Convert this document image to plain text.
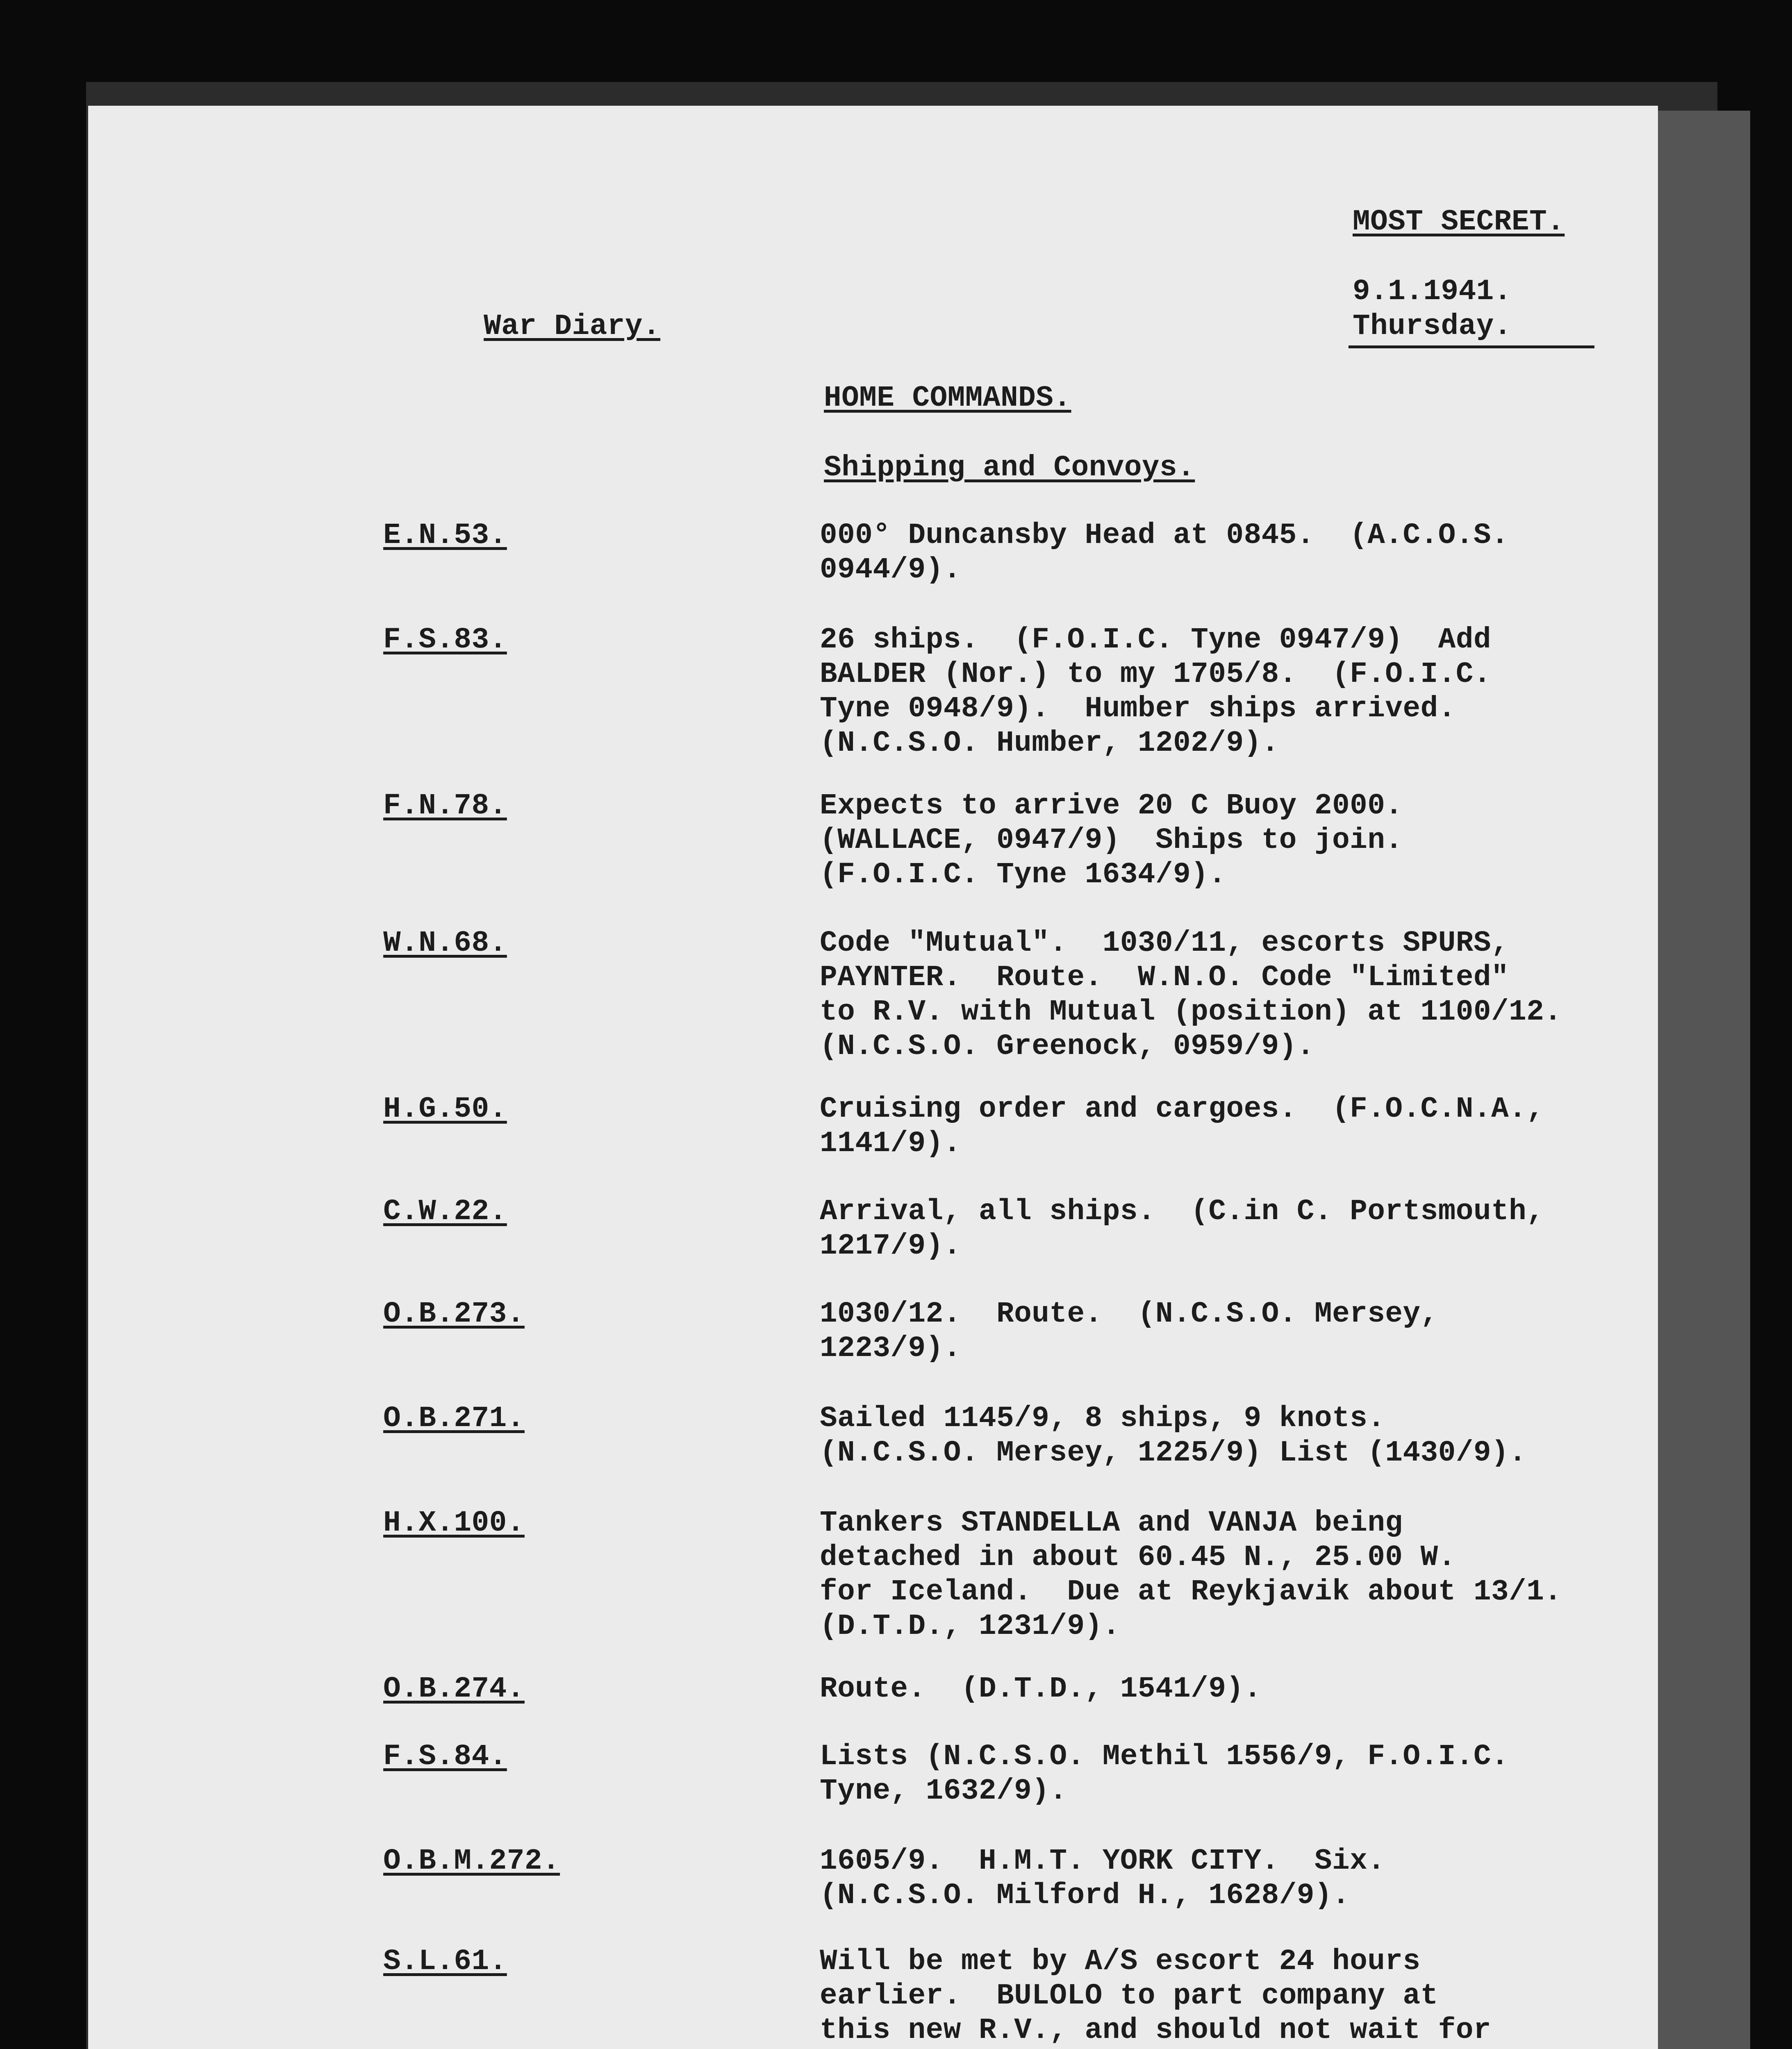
MOST SECRET.

9.1.1941.

Thursday.

War Diary.

HOME COMMANDS.

Shipping and Convoys.

E.N.53.

F.S.83.

F.N.78.

W.N.68.

H.G.50.

C.W.22.

O.B.273.

O.B.271.

H.X.100.

O.B.274.

F.S.84.

O.B.M.272.

S.L.61.

000° Duncansby Head at 0845.  (A.C.O.S.

0944/9).

26 ships.  (F.O.I.C. Tyne 0947/9)  Add

BALDER (Nor.) to my 1705/8.  (F.O.I.C.

Tyne 0948/9).  Humber ships arrived.

(N.C.S.O. Humber, 1202/9).

Expects to arrive 20 C Buoy 2000.

(WALLACE, 0947/9)  Ships to join.

(F.O.I.C. Tyne 1634/9).

Code "Mutual".  1030/11, escorts SPURS,

PAYNTER.  Route.  W.N.O. Code "Limited"

to R.V. with Mutual (position) at 1100/12.

(N.C.S.O. Greenock, 0959/9).

Cruising order and cargoes.  (F.O.C.N.A.,

1141/9).

Arrival, all ships.  (C.in C. Portsmouth,

1217/9).

1030/12.  Route.  (N.C.S.O. Mersey,

1223/9).

Sailed 1145/9, 8 ships, 9 knots.

(N.C.S.O. Mersey, 1225/9) List (1430/9).

Tankers STANDELLA and VANJA being

detached in about 60.45 N., 25.00 W.

for Iceland.  Due at Reykjavik about 13/1.

(D.T.D., 1231/9).

Route.  (D.T.D., 1541/9).

Lists (N.C.S.O. Methil 1556/9, F.O.I.C.

Tyne, 1632/9).

1605/9.  H.M.T. YORK CITY.  Six.

(N.C.S.O. Milford H., 1628/9).

Will be met by A/S escort 24 hours

earlier.  BULOLO to part company at

this new R.V., and should not wait for
